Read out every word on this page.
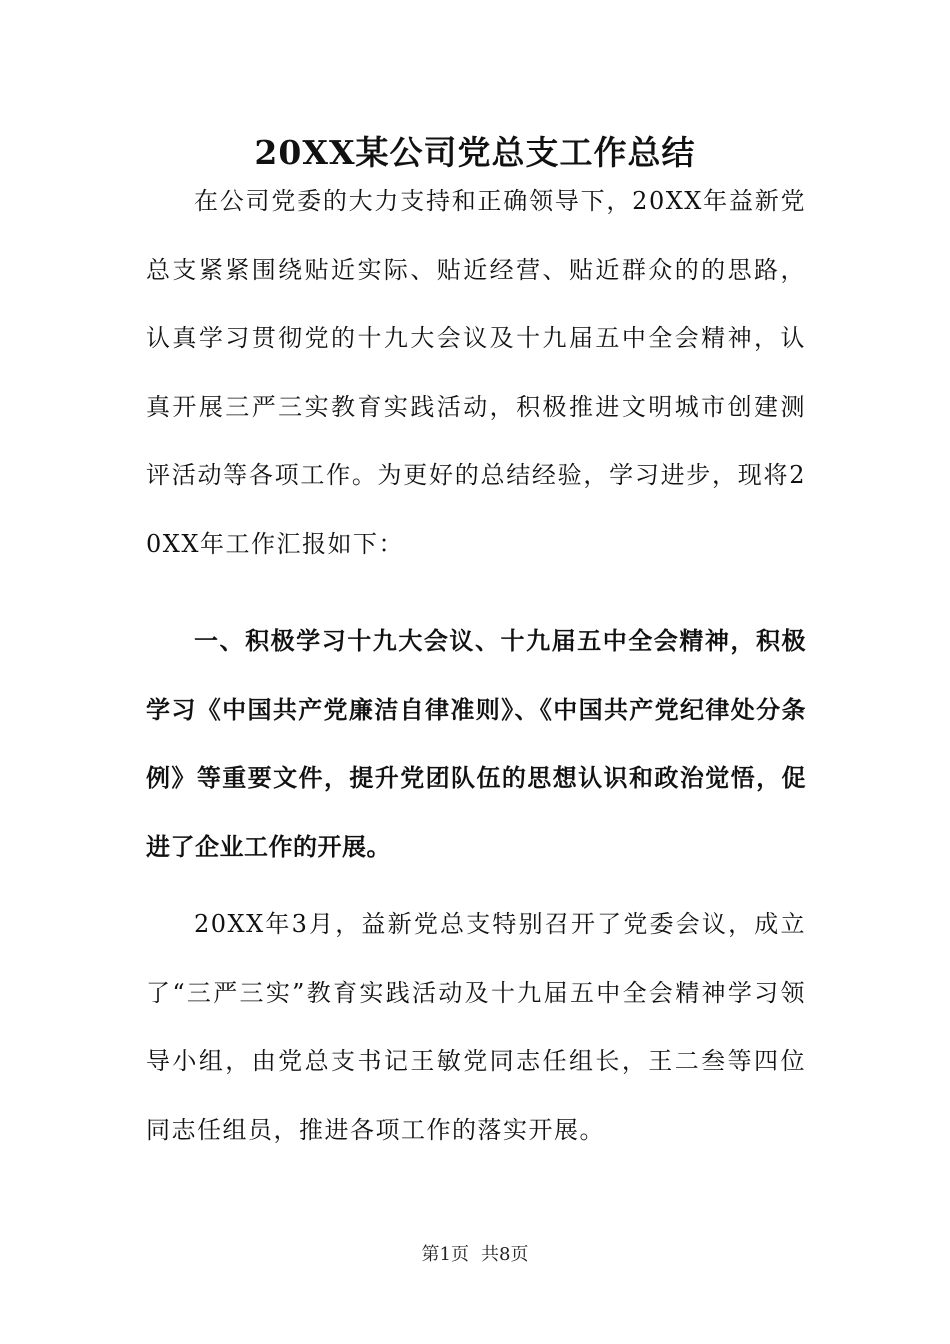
20XX某公司党总支工作总结

在公司党委的大力支持和正确领导下，20XX年益新党总支紧紧围绕贴近实际、贴近经营、贴近群众的的思路，认真学习贯彻党的十九大会议及十九届五中全会精神，认真开展三严三实教育实践活动，积极推进文明城市创建测评活动等各项工作。为更好的总结经验，学习进步，现将20XX年工作汇报如下：

一、积极学习十九大会议、十九届五中全会精神，积极学习《中国共产党廉洁自律准则》、《中国共产党纪律处分条例》等重要文件，提升党团队伍的思想认识和政治觉悟，促进了企业工作的开展。

20XX年3月，益新党总支特别召开了党委会议，成立了“三严三实”教育实践活动及十九届五中全会精神学习领导小组，由党总支书记王敏党同志任组长，王二叁等四位同志任组员，推进各项工作的落实开展。

第1页 共8页
